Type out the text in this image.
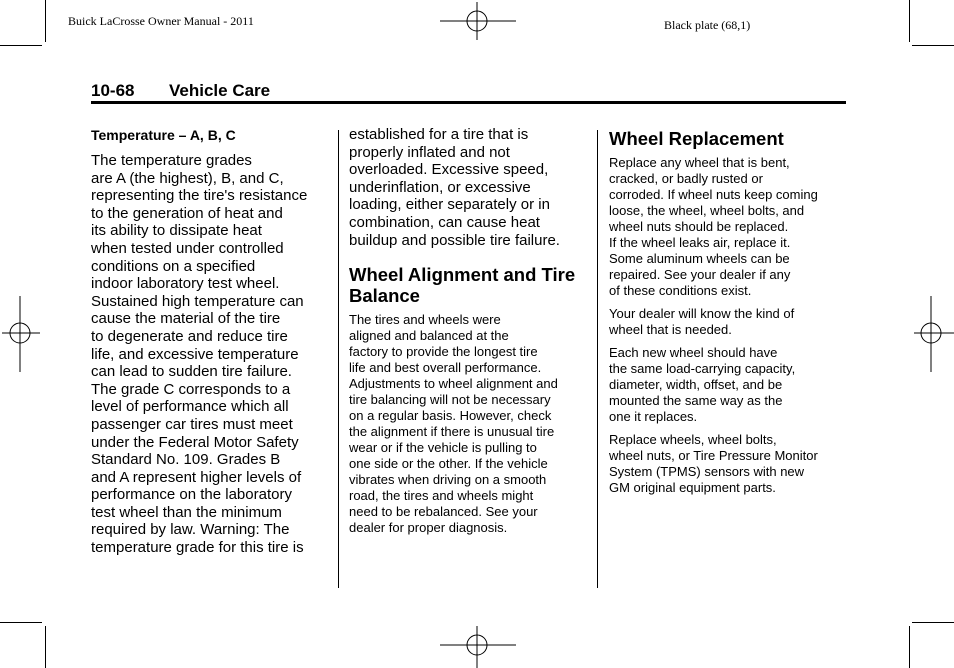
Buick LaCrosse Owner Manual - 2011	Black plate (68,1)
10-68 Vehicle Care
Temperature – A, B, C

The temperature grades
are A (the highest), B, and C,
representing the tire's resistance
to the generation of heat and
its ability to dissipate heat
when tested under controlled
conditions on a specified
indoor laboratory test wheel.
Sustained high temperature can
cause the material of the tire
to degenerate and reduce tire
life, and excessive temperature
can lead to sudden tire failure.
The grade C corresponds to a
level of performance which all
passenger car tires must meet
under the Federal Motor Safety
Standard No. 109. Grades B
and A represent higher levels of
performance on the laboratory
test wheel than the minimum
required by law. Warning: The
temperature grade for this tire is

established for a tire that is
properly inflated and not
overloaded. Excessive speed,
underinflation, or excessive
loading, either separately or in
combination, can cause heat
buildup and possible tire failure.

Wheel Alignment and Tire
Balance

The tires and wheels were
aligned and balanced at the
factory to provide the longest tire
life and best overall performance.
Adjustments to wheel alignment and
tire balancing will not be necessary
on a regular basis. However, check
the alignment if there is unusual tire
wear or if the vehicle is pulling to
one side or the other. If the vehicle
vibrates when driving on a smooth
road, the tires and wheels might
need to be rebalanced. See your
dealer for proper diagnosis.

Wheel Replacement

Replace any wheel that is bent,
cracked, or badly rusted or
corroded. If wheel nuts keep coming
loose, the wheel, wheel bolts, and
wheel nuts should be replaced.
If the wheel leaks air, replace it.
Some aluminum wheels can be
repaired. See your dealer if any
of these conditions exist.

Your dealer will know the kind of
wheel that is needed.

Each new wheel should have
the same load-carrying capacity,
diameter, width, offset, and be
mounted the same way as the
one it replaces.

Replace wheels, wheel bolts,
wheel nuts, or Tire Pressure Monitor
System (TPMS) sensors with new
GM original equipment parts.
